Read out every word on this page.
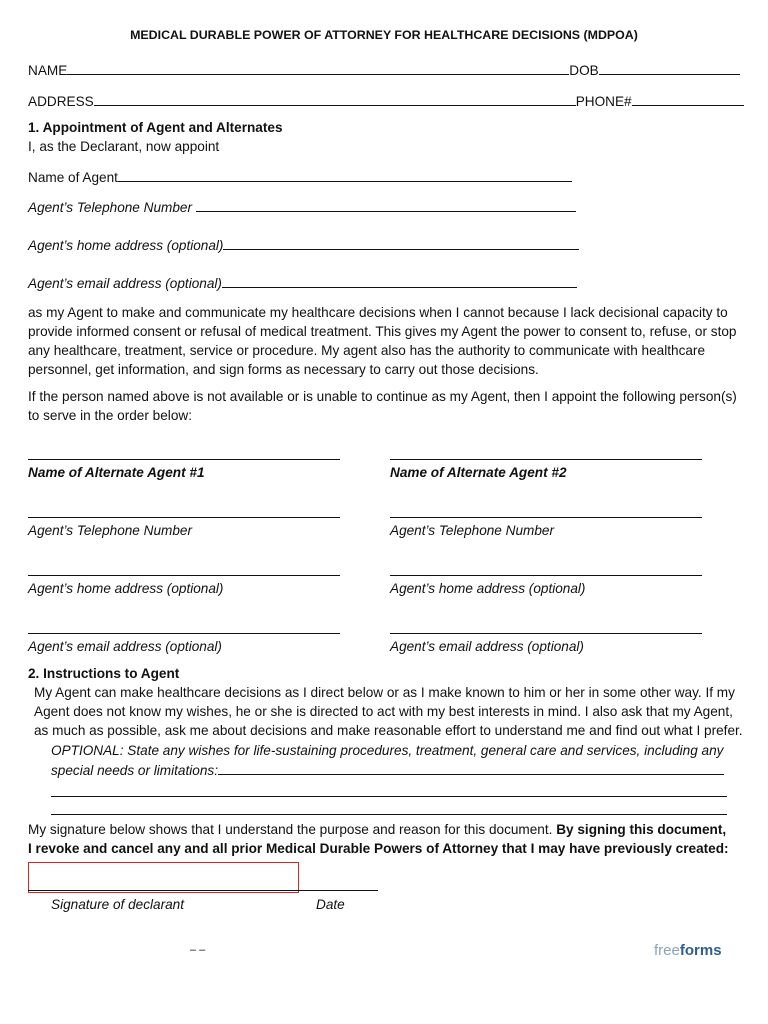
MEDICAL DURABLE POWER OF ATTORNEY FOR HEALTHCARE DECISIONS (MDPOA)
NAME	DOB
ADDRESS	PHONE#
1. Appointment of Agent and Alternates
I, as the Declarant, now appoint
Name of Agent
Agent’s Telephone Number
Agent’s home address (optional)
Agent’s email address (optional)
as my Agent to make and communicate my healthcare decisions when I cannot because I lack decisional capacity to provide informed consent or refusal of medical treatment. This gives my Agent the power to consent to, refuse, or stop any healthcare, treatment, service or procedure. My agent also has the authority to communicate with healthcare personnel, get information, and sign forms as necessary to carry out those decisions.
If the person named above is not available or is unable to continue as my Agent, then I appoint the following person(s) to serve in the order below:
Name of Alternate Agent #1	Name of Alternate Agent #2
Agent’s Telephone Number	Agent’s Telephone Number
Agent’s home address (optional)	Agent’s home address (optional)
Agent’s email address (optional)	Agent’s email address (optional)
2. Instructions to Agent
My Agent can make healthcare decisions as I direct below or as I make known to him or her in some other way. If my
Agent does not know my wishes, he or she is directed to act with my best interests in mind. I also ask that my Agent,
as much as possible, ask me about decisions and make reasonable effort to understand me and find out what I prefer.
OPTIONAL: State any wishes for life-sustaining procedures, treatment, general care and services, including any
special needs or limitations:
My signature below shows that I understand the purpose and reason for this document. By signing this document, I revoke and cancel any and all prior Medical Durable Powers of Attorney that I may have previously created:
Signature of declarant	Date
– –	freeforms
